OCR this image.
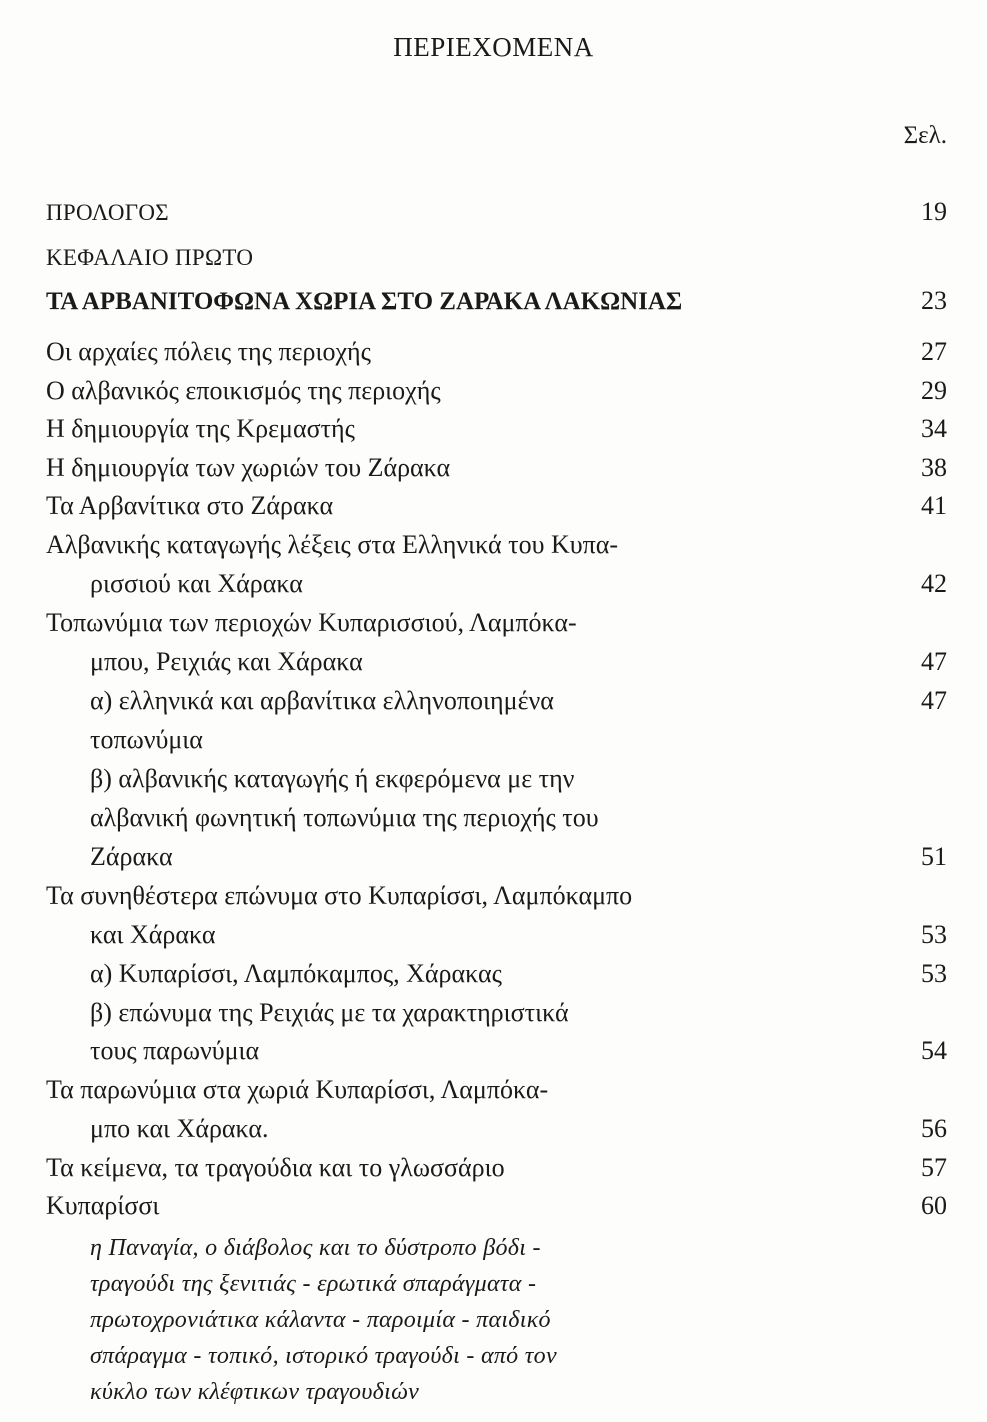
ΠΕΡΙΕΧΟΜΕΝΑ
Σελ.
ΠΡΟΛΟΓΟΣ	19
ΚΕΦΑΛΑΙΟ ΠΡΩΤΟ
ΤΑ ΑΡΒΑΝΙΤΟΦΩΝΑ ΧΩΡΙΑ ΣΤΟ ΖΑΡΑΚΑ ΛΑΚΩΝΙΑΣ	23
Οι αρχαίες πόλεις της περιοχής	27
Ο αλβανικός εποικισμός της περιοχής	29
Η δημιουργία της Κρεμαστής	34
Η δημιουργία των χωριών του Ζάρακα	38
Τα Αρβανίτικα στο Ζάρακα	41
Αλβανικής καταγωγής λέξεις στα Ελληνικά του Κυπα-
ρισσιού και Χάρακα	42
Τοπωνύμια των περιοχών Κυπαρισσιού, Λαμπόκα-
μπου, Ρειχιάς και Χάρακα	47
α) ελληνικά και αρβανίτικα ελληνοποιημένα	47
τοπωνύμια
β) αλβανικής καταγωγής ή εκφερόμενα με την
αλβανική φωνητική τοπωνύμια της περιοχής του
Ζάρακα	51
Τα συνηθέστερα επώνυμα στο Κυπαρίσσι, Λαμπόκαμπο
και Χάρακα	53
α) Κυπαρίσσι, Λαμπόκαμπος, Χάρακας	53
β) επώνυμα της Ρειχιάς με τα χαρακτηριστικά
τους παρωνύμια	54
Τα παρωνύμια στα χωριά Κυπαρίσσι, Λαμπόκα-
μπο και Χάρακα.	56
Τα κείμενα, τα τραγούδια και το γλωσσάριο	57
Κυπαρίσσι	60
η Παναγία, ο διάβολος και το δύστροπο βόδι -
τραγούδι της ξενιτιάς - ερωτικά σπαράγματα -
πρωτοχρονιάτικα κάλαντα - παροιμία - παιδικό
σπάραγμα - τοπικό, ιστορικό τραγούδι - από τον
κύκλο των κλέφτικων τραγουδιών
